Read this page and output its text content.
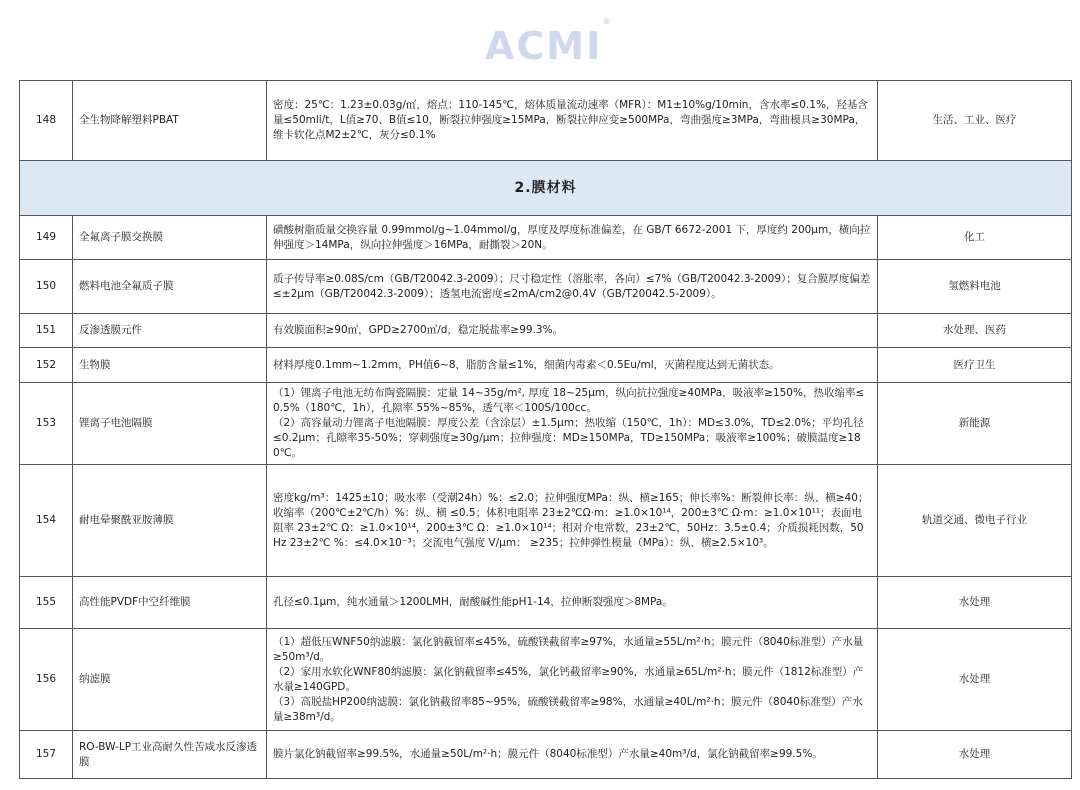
ACMI®
148	全生物降解塑料PBAT	密度：25℃：1.23±0.03g/㎥，熔点：110-145℃，熔体质量流动速率（MFR）：M1±10%g/10min，含水率≤0.1%，羟基含量≤50mli/t，L值≥70、B值≤10，断裂拉伸强度≥15MPa，断裂拉伸应变≥500MPa，弯曲强度≥3MPa，弯曲模具≥30MPa，维卡软化点M2±2℃，灰分≤0.1%	生活、工业、医疗
2.膜材料			
149	全氟离子膜交换膜	磺酸树脂质量交换容量 0.99mmol/g~1.04mmol/g，厚度及厚度标准偏差，在 GB/T 6672-2001 下，厚度约 200μm，横向拉伸强度＞14MPa，纵向拉伸强度＞16MPa，耐撕裂＞20N。	化工
150	燃料电池全氟质子膜	质子传导率≥0.08S/cm（GB/T20042.3-2009）；尺寸稳定性（溶胀率，各向）≤7%（GB/T20042.3-2009）；复合膜厚度偏差≤±2μm（GB/T20042.3-2009）；透氢电流密度≤2mA/cm2@0.4V（GB/T20042.5-2009）。	氢燃料电池
151	反渗透膜元件	有效膜面积≥90㎡，GPD≥2700㎥/d，稳定脱盐率≥99.3%。	水处理、医药
152	生物膜	材料厚度0.1mm~1.2mm，PH值6~8，脂肪含量≤1%，细菌内毒素＜0.5Eu/ml，灭菌程度达到无菌状态。	医疗卫生
153	锂离子电池隔膜	（1）锂离子电池无纺布陶瓷隔膜：定量 14~35g/m², 厚度 18~25μm，纵向抗拉强度≥40MPa，吸液率≥150%，热收缩率≤0.5%（180℃，1h），孔隙率 55%~85%，透气率＜100S/100cc。
（2）高容量动力锂离子电池隔膜：厚度公差（含涂层）±1.5μm；热收缩（150℃，1h）：MD≤3.0%，TD≤2.0%；平均孔径≤0.2μm；孔隙率35-50%；穿刺强度≥30g/μm；拉伸强度：MD≥150MPa，TD≥150MPa；吸液率≥100%；破膜温度≥180℃。	新能源
154	耐电晕聚酰亚胺薄膜	密度kg/m³：1425±10；吸水率（受潮24h）%：≤2.0；拉伸强度MPa：纵、横≥165；伸长率%：断裂伸长率：纵、横≥40；收缩率（200℃±2℃/h）%：纵、横 ≤0.5；体积电阻率 23±2℃Ω·m：≥1.0×10¹⁴，200±3℃ Ω·m：≥1.0×10¹¹；表面电阻率 23±2℃ Ω：≥1.0×10¹⁴，200±3℃ Ω：≥1.0×10¹⁴；相对介电常数，23±2℃，50Hz：3.5±0.4；介质损耗因数，50Hz 23±2℃ %：≤4.0×10⁻³；交流电气强度 V/μm： ≥235；拉伸弹性模量（MPa）：纵、横≥2.5×10³。	轨道交通、微电子行业
155	高性能PVDF中空纤维膜	孔径≤0.1μm，纯水通量＞1200LMH，耐酸碱性能pH1-14，拉伸断裂强度＞8MPa。	水处理
156	纳滤膜	（1）超低压WNF50纳滤膜：氯化钠截留率≤45%，硫酸镁截留率≥97%，水通量≥55L/m²·h；膜元件（8040标准型）产水量≥50m³/d。
（2）家用水软化WNF80纳滤膜：氯化钠截留率≤45%，氯化钙截留率≥90%，水通量≥65L/m²·h；膜元件（1812标准型）产水量≥140GPD。
（3）高脱盐HP200纳滤膜：氯化钠截留率85~95%，硫酸镁截留率≥98%，水通量≥40L/m²·h；膜元件（8040标准型）产水量≥38m³/d。	水处理
157	RO-BW-LP工业高耐久性苦咸水反渗透膜	膜片氯化钠截留率≥99.5%，水通量≥50L/m²·h；膜元件（8040标准型）产水量≥40m³/d，氯化钠截留率≥99.5%。	水处理
